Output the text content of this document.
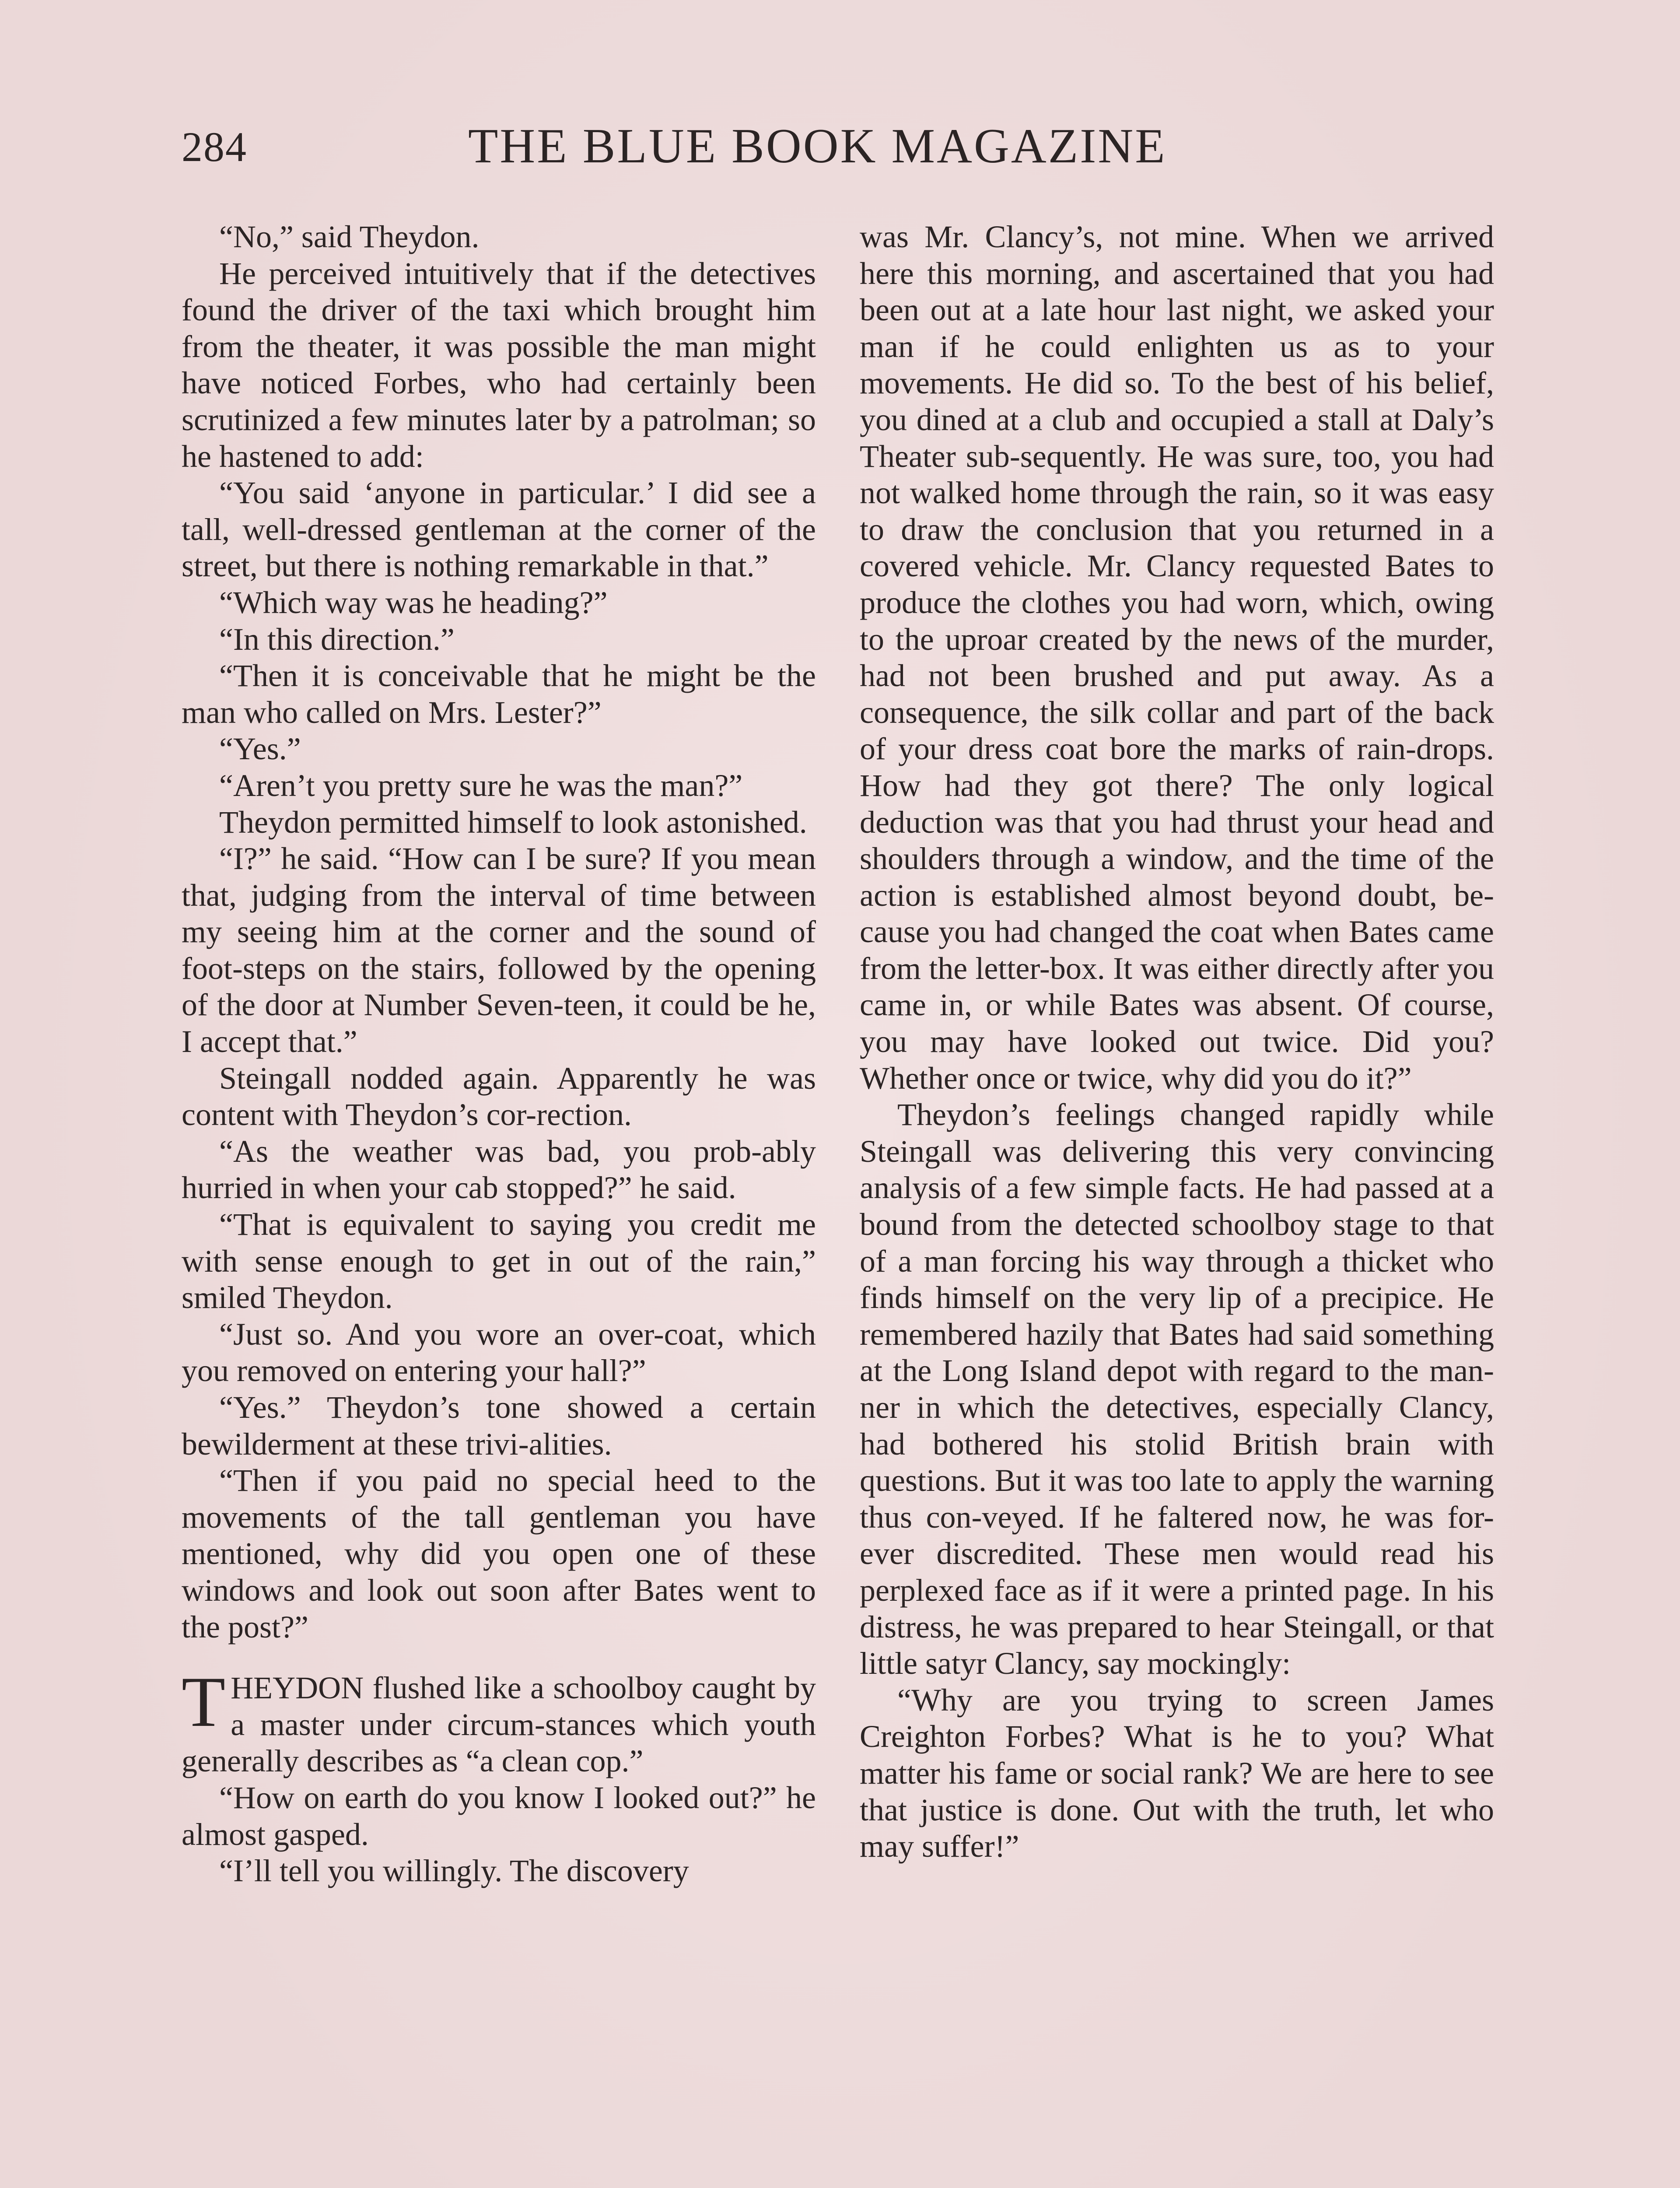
284	THE BLUE BOOK MAGAZINE

“No,” said Theydon.

He perceived intuitively that if the detectives found the driver of the taxi which brought him from the theater, it was possible the man might have noticed Forbes, who had certainly been scrutinized a few minutes later by a patrolman; so he hastened to add:

“You said ‘anyone in particular.’ I did see a tall, well-dressed gentleman at the corner of the street, but there is nothing remarkable in that.”

“Which way was he heading?”

“In this direction.”

“Then it is conceivable that he might be the man who called on Mrs. Lester?”

“Yes.”

“Aren’t you pretty sure he was the man?”

Theydon permitted himself to look astonished.

“I?” he said. “How can I be sure? If you mean that, judging from the interval of time between my seeing him at the corner and the sound of foot-steps on the stairs, followed by the opening of the door at Number Seven-teen, it could be he, I accept that.”

Steingall nodded again. Apparently he was content with Theydon’s cor-rection.

“As the weather was bad, you prob-ably hurried in when your cab stopped?” he said.

“That is equivalent to saying you credit me with sense enough to get in out of the rain,” smiled Theydon.

“Just so. And you wore an over-coat, which you removed on entering your hall?”

“Yes.” Theydon’s tone showed a certain bewilderment at these trivi-alities.

“Then if you paid no special heed to the movements of the tall gentleman you have mentioned, why did you open one of these windows and look out soon after Bates went to the post?”

THEYDON flushed like a schoolboy caught by a master under circum-stances which youth generally describes as “a clean cop.”

“How on earth do you know I looked out?” he almost gasped.

“I’ll tell you willingly. The discovery

was Mr. Clancy’s, not mine. When we arrived here this morning, and ascertained that you had been out at a late hour last night, we asked your man if he could enlighten us as to your movements. He did so. To the best of his belief, you dined at a club and occupied a stall at Daly’s Theater sub-sequently. He was sure, too, you had not walked home through the rain, so it was easy to draw the conclusion that you returned in a covered vehicle. Mr. Clancy requested Bates to produce the clothes you had worn, which, owing to the uproar created by the news of the murder, had not been brushed and put away. As a consequence, the silk collar and part of the back of your dress coat bore the marks of rain-drops. How had they got there? The only logical deduction was that you had thrust your head and shoulders through a window, and the time of the action is established almost beyond doubt, be-cause you had changed the coat when Bates came from the letter-box. It was either directly after you came in, or while Bates was absent. Of course, you may have looked out twice. Did you? Whether once or twice, why did you do it?”

Theydon’s feelings changed rapidly while Steingall was delivering this very convincing analysis of a few simple facts. He had passed at a bound from the detected schoolboy stage to that of a man forcing his way through a thicket who finds himself on the very lip of a precipice. He remembered hazily that Bates had said something at the Long Island depot with regard to the man-ner in which the detectives, especially Clancy, had bothered his stolid British brain with questions. But it was too late to apply the warning thus con-veyed. If he faltered now, he was for-ever discredited. These men would read his perplexed face as if it were a printed page. In his distress, he was prepared to hear Steingall, or that little satyr Clancy, say mockingly:

“Why are you trying to screen James Creighton Forbes? What is he to you? What matter his fame or social rank? We are here to see that justice is done. Out with the truth, let who may suffer!”
